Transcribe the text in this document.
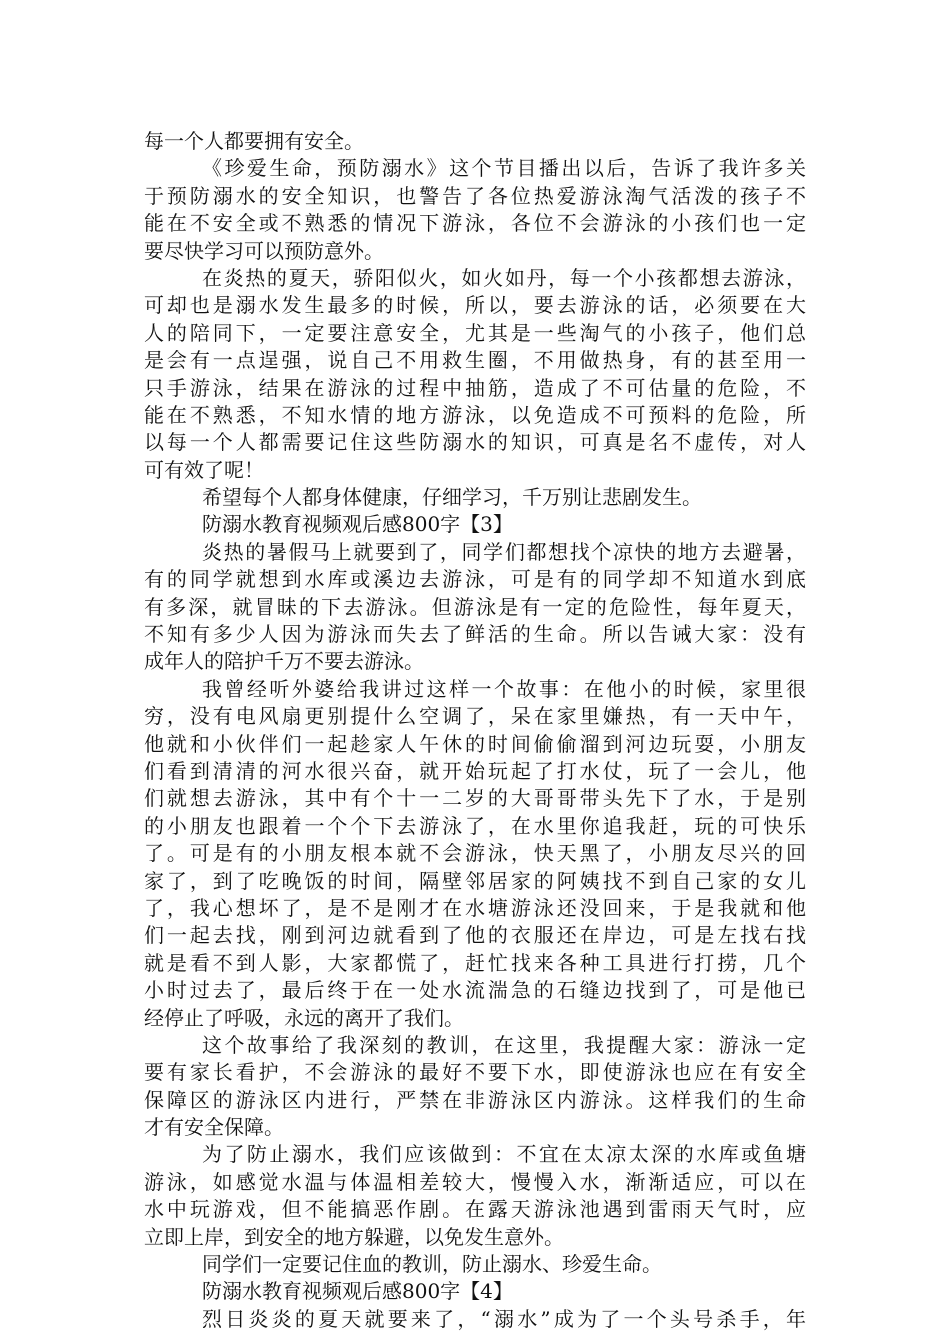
每一个人都要拥有安全。
《珍爱生命，预防溺水》这个节目播出以后，告诉了我许多关
于预防溺水的安全知识，也警告了各位热爱游泳淘气活泼的孩子不
能在不安全或不熟悉的情况下游泳，各位不会游泳的小孩们也一定
要尽快学习可以预防意外。
在炎热的夏天，骄阳似火，如火如丹，每一个小孩都想去游泳，
可却也是溺水发生最多的时候，所以，要去游泳的话，必须要在大
人的陪同下，一定要注意安全，尤其是一些淘气的小孩子，他们总
是会有一点逞强，说自己不用救生圈，不用做热身，有的甚至用一
只手游泳，结果在游泳的过程中抽筋，造成了不可估量的危险，不
能在不熟悉，不知水情的地方游泳，以免造成不可预料的危险，所
以每一个人都需要记住这些防溺水的知识，可真是名不虚传，对人
可有效了呢！
希望每个人都身体健康，仔细学习，千万别让悲剧发生。
防溺水教育视频观后感800字【3】
炎热的暑假马上就要到了，同学们都想找个凉快的地方去避暑，
有的同学就想到水库或溪边去游泳，可是有的同学却不知道水到底
有多深，就冒昧的下去游泳。但游泳是有一定的危险性，每年夏天，
不知有多少人因为游泳而失去了鲜活的生命。所以告诫大家：没有
成年人的陪护千万不要去游泳。
我曾经听外婆给我讲过这样一个故事：在他小的时候，家里很
穷，没有电风扇更别提什么空调了，呆在家里嫌热，有一天中午，
他就和小伙伴们一起趁家人午休的时间偷偷溜到河边玩耍，小朋友
们看到清清的河水很兴奋，就开始玩起了打水仗，玩了一会儿，他
们就想去游泳，其中有个十一二岁的大哥哥带头先下了水，于是别
的小朋友也跟着一个个下去游泳了，在水里你追我赶，玩的可快乐
了。可是有的小朋友根本就不会游泳，快天黑了，小朋友尽兴的回
家了，到了吃晚饭的时间，隔壁邻居家的阿姨找不到自己家的女儿
了，我心想坏了，是不是刚才在水塘游泳还没回来，于是我就和他
们一起去找，刚到河边就看到了他的衣服还在岸边，可是左找右找
就是看不到人影，大家都慌了，赶忙找来各种工具进行打捞，几个
小时过去了，最后终于在一处水流湍急的石缝边找到了，可是他已
经停止了呼吸，永远的离开了我们。
这个故事给了我深刻的教训，在这里，我提醒大家：游泳一定
要有家长看护，不会游泳的最好不要下水，即使游泳也应在有安全
保障区的游泳区内进行，严禁在非游泳区内游泳。这样我们的生命
才有安全保障。
为了防止溺水，我们应该做到：不宜在太凉太深的水库或鱼塘
游泳，如感觉水温与体温相差较大，慢慢入水，渐渐适应，可以在
水中玩游戏，但不能搞恶作剧。在露天游泳池遇到雷雨天气时，应
立即上岸，到安全的地方躲避，以免发生意外。
同学们一定要记住血的教训，防止溺水、珍爱生命。
防溺水教育视频观后感800字【4】
烈日炎炎的夏天就要来了，“溺水”成为了一个头号杀手，年
